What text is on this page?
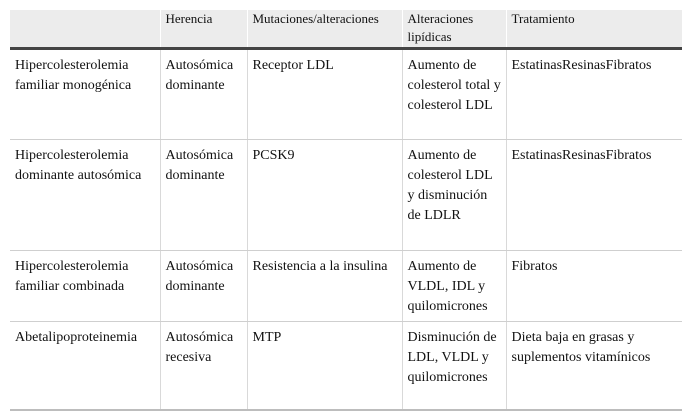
	Herencia	Mutaciones/alteraciones	Alteraciones lipídicas	Tratamiento
Hipercolesterolemia familiar monogénica	Autosómica dominante	Receptor LDL	Aumento de colesterol total y colesterol LDL	EstatinasResinasFibratos
Hipercolesterolemia dominante autosómica	Autosómica dominante	PCSK9	Aumento de colesterol LDL y disminución de LDLR	EstatinasResinasFibratos
Hipercolesterolemia familiar combinada	Autosómica dominante	Resistencia a la insulina	Aumento de VLDL, IDL y quilomicrones	Fibratos
Abetalipoproteinemia	Autosómica recesiva	MTP	Disminución de LDL, VLDL y quilomicrones	Dieta baja en grasas y suplementos vitamínicos
